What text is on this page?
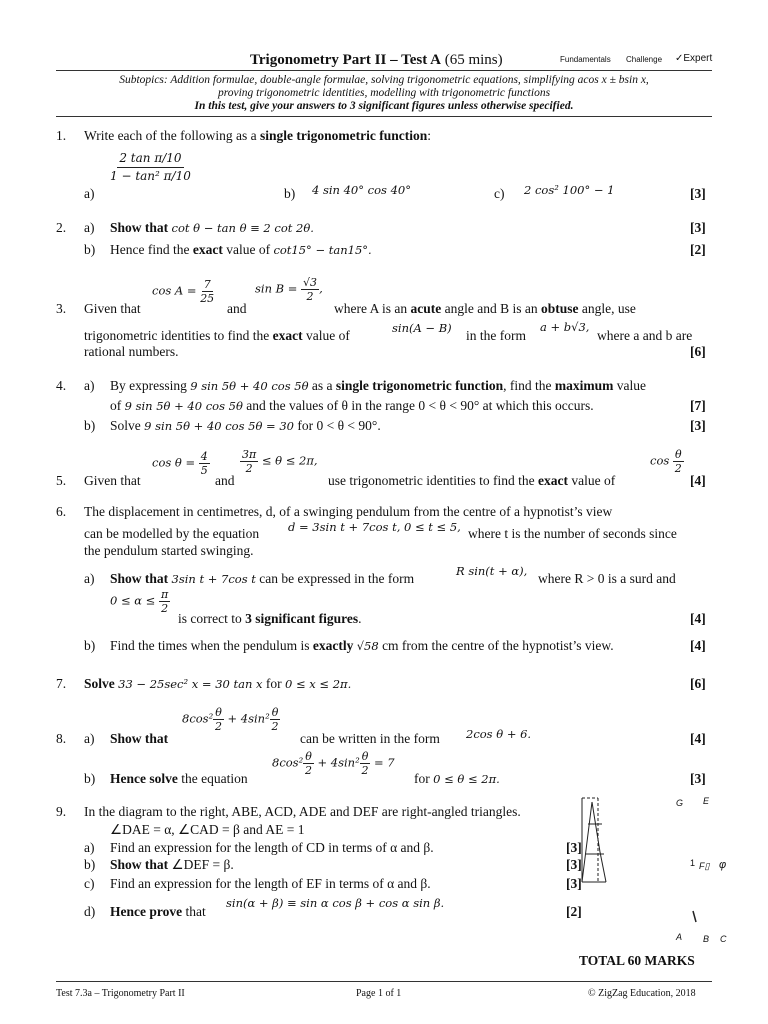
Trigonometry Part II – Test A (65 mins)	Fundamentals Challenge ✓Expert
Subtopics: Addition formulae, double-angle formulae, solving trigonometric equations, simplifying acos x ± bsin x,
proving trigonometric identities, modelling with trigonometric functions
In this test, give your answers to 3 significant figures unless otherwise specified.
1. Write each of the following as a single trigonometric function:
a)
$\frac{\text{2 tan π/10}}{\text{1 − tan² π/10}}$
b) 4 sin 40° cos 40°	c) 2 cos² 100° − 1	[3]
2. a) Show that cot θ − tan θ ≡ 2 cot 2θ.	[3]
b) Hence find the exact value of cot15° − tan15°.	[2]
3. Given that
$\cos A = \frac{7}{25}$
and
$\sin B = \frac{√3}{2}$ ,
where A is an acute angle and B is an obtuse angle, use
trigonometric identities to find the exact value of	sin(A − B) in the form
a + b√3,
where a and b are
rational numbers.	[6]
4. a) By expressing 9 sin 5θ + 40 cos 5θ as a single trigonometric function, find the maximum value
of 9 sin 5θ + 40 cos 5θ and the values of θ in the range 0 < θ < 90° at which this occurs.	[7]
b) Solve 9 sin 5θ + 40 cos 5θ = 30 for 0 < θ < 90°.	[3]
5. Given that
$\cos \theta = \frac{4}{5}$
and
$\frac{3\pi}{2} \le \theta \le 2\pi$,
use trigonometric identities to find the exact value of
$\cos \frac{\theta}{2}$
[4]
6. The displacement in centimetres, d, of a swinging pendulum from the centre of a hypnotist’s view
can be modelled by the equation	d = 3sin t + 7cos t, 0 ≤ t ≤ 5, where t is the number of seconds since
the pendulum started swinging.
a) Show that 3sin t + 7cos t can be expressed in the form	R sin(t + α), where R > 0 is a surd and
$0 \le \alpha \le \frac{\pi}{2}$
is correct to 3 significant figures.	[4]
b) Find the times when the pendulum is exactly √58 cm from the centre of the hypnotist’s view.	[4]
7. Solve 33 − 25sec² x = 30 tan x for 0 ≤ x ≤ 2π.	[6]
8. a) Show that
$8\cos^2 \frac{\theta}{2} + 4\sin^2 \frac{\theta}{2}$
can be written in the form 2cos θ + 6.	[4]
b) Hence solve the equation
$8\cos^2 \frac{\theta}{2} + 4\sin^2 \frac{\theta}{2} = 7$
for 0 ≤ θ ≤ 2π.	[3]
9. In the diagram to the right, ABE, ACD, ADE and DEF are right-angled triangles.
∠DAE = α, ∠CAD = β and AE = 1
a) Find an expression for the length of CD in terms of α and β.	[3]
b) Show that ∠DEF = β.	[3]
c) Find an expression for the length of EF in terms of α and β.	[3]
d) Hence prove that
sin(α + β) ≡ sin α cos β + cos α sin β.
[2]
G E
1 F▯ φ
A B C
TOTAL 60 MARKS
Test 7.3a – Trigonometry Part II	Page 1 of 1	© ZigZag Education, 2018
